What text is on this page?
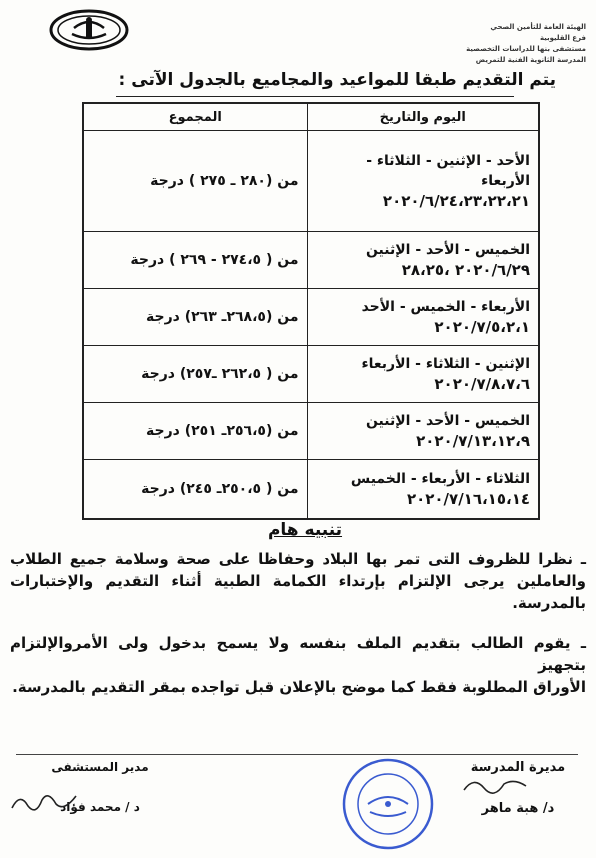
الهيئة العامة للتأمين الصحي
فرع القليوبية
مستشفى بنها للدراسات التخصصية
المدرسة الثانوية الفنية للتمريض
يتم التقديم طبقا للمواعيد والمجاميع بالجدول الآتى :
اليوم والتاريخ	المجموع

الأحد - الإثنين - الثلاثاء - الأربعاء
٢٠٢٠/٦/٢٤،٢٣،٢٢،٢١	من (٢٨٠ ـ ٢٧٥ ) درجة

الخميس - الأحد - الإثنين
٢٠٢٠/٦/٢٩ ،٢٨،٢٥	من ( ٢٧٤،٥ - ٢٦٩ ) درجة

الأربعاء - الخميس - الأحد
٢٠٢٠/٧/٥،٢،١	من (٢٦٨،٥ـ ٢٦٣) درجة

الإثنين - الثلاثاء - الأربعاء
٢٠٢٠/٧/٨،٧،٦	من ( ٢٦٢،٥ ـ٢٥٧) درجة

الخميس - الأحد - الإثنين
٢٠٢٠/٧/١٣،١٢،٩	من (٢٥٦،٥ـ ٢٥١) درجة

الثلاثاء - الأربعاء - الخميس
٢٠٢٠/٧/١٦،١٥،١٤	من ( ٢٥٠،٥ـ ٢٤٥) درجة
تنبيه هام
ـ نظرا للظروف التى تمر بها البلاد وحفاظا على صحة وسلامة جميع الطلاب
والعاملين يرجى الإلتزام بإرتداء الكمامة الطبية أثناء التقديم والإختبارات
بالمدرسة.
ـ يقوم الطالب بتقديم الملف بنفسه ولا يسمح بدخول ولى الأمروالإلتزام بتجهيز
الأوراق المطلوبة فقط كما موضح بالإعلان قبل تواجده بمقر التقديم بالمدرسة.
مديرة المدرسة
د/ هبة ماهر
مدير المستشفى
د / محمد فؤاد
